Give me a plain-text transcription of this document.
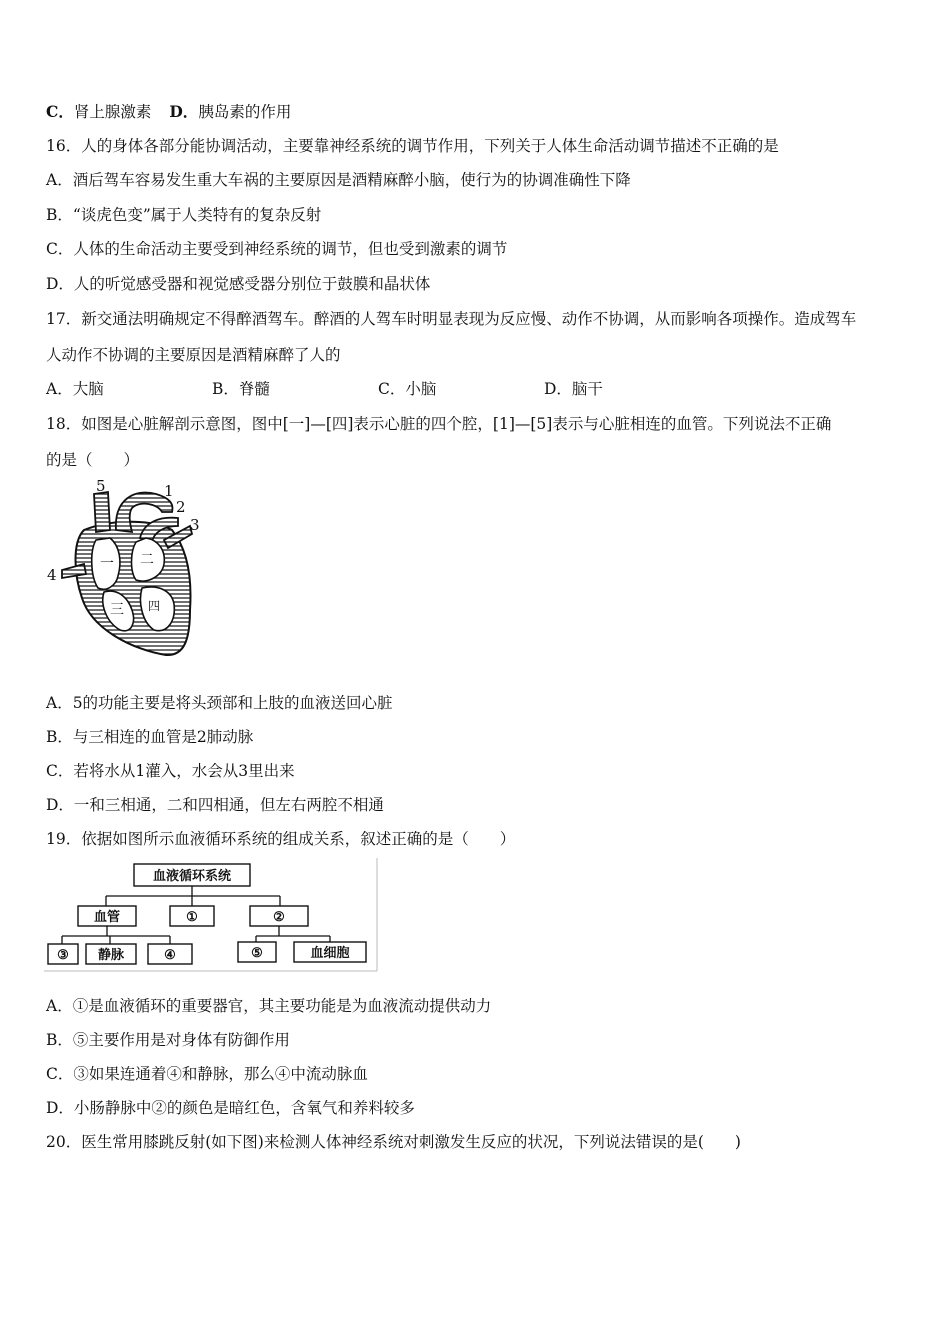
C．肾上腺激素 D．胰岛素的作用
16．人的身体各部分能协调活动，主要靠神经系统的调节作用，下列关于人体生命活动调节描述不正确的是
A．酒后驾车容易发生重大车祸的主要原因是酒精麻醉小脑，使行为的协调准确性下降
B．“谈虎色变”属于人类特有的复杂反射
C．人体的生命活动主要受到神经系统的调节，但也受到激素的调节
D．人的听觉感受器和视觉感受器分别位于鼓膜和晶状体
17．新交通法明确规定不得醉酒驾车。醉酒的人驾车时明显表现为反应慢、动作不协调，从而影响各项操作。造成驾车
人动作不协调的主要原因是酒精麻醉了人的
A．大脑	B．脊髓	C．小脑	D．脑干
18．如图是心脏解剖示意图，图中[一]—[四]表示心脏的四个腔，[1]—[5]表示与心脏相连的血管。下列说法不正确
的是（　　）
5	1
2
3
4
一 二
三 四
A．5的功能主要是将头颈部和上肢的血液送回心脏
B．与三相连的血管是2肺动脉
C．若将水从1灌入，水会从3里出来
D．一和三相通，二和四相通，但左右两腔不相通
19．依据如图所示血液循环系统的组成关系，叙述正确的是（　　）
血液循环系统
血管	①	②
③ 静脉	④	⑤	血细胞
A．①是血液循环的重要器官，其主要功能是为血液流动提供动力
B．⑤主要作用是对身体有防御作用
C．③如果连通着④和静脉，那么④中流动脉血
D．小肠静脉中②的颜色是暗红色，含氧气和养料较多
20．医生常用膝跳反射(如下图)来检测人体神经系统对刺激发生反应的状况，下列说法错误的是(　　)
